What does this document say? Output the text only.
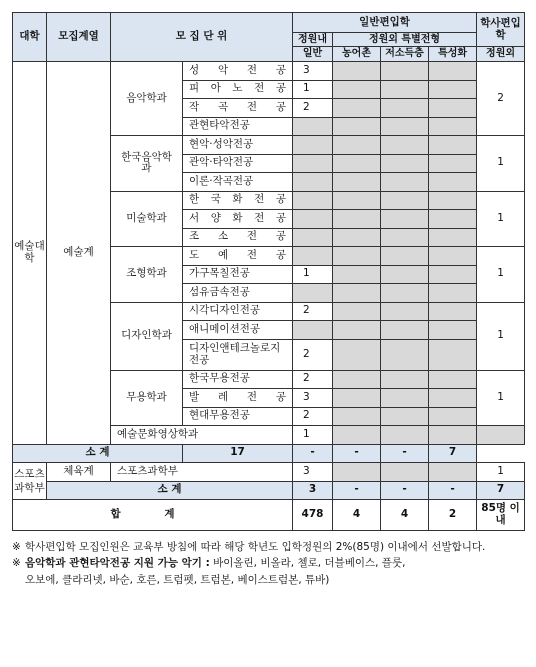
대학	모집계열	모 집 단 위		일반편입학				학사편입학
				정원내	정원외 특별전형			
				일반	농어촌	저소득층	특성화	정원외
예술대학	예술계	음악학과	성 악 전 공	3				2
			피 아 노 전 공	1				
			작 곡 전 공	2				
			관현타악전공					
		한국음악학과	현악·성악전공					1
			관악·타악전공					
			이론·작곡전공					
		미술학과	한 국 화 전 공					1
			서 양 화 전 공					
			조 소 전 공					
		조형학과	도 예 전 공					1
			가구목칠전공	1				
			섬유금속전공					
		디자인학과	시각디자인전공	2				1
			애니메이션전공					
			디자인앤테크놀로지전공	2				
		무용학과	한국무용전공	2				1
			발 레 전 공	3				
			현대무용전공	2				
		예술문화영상학과		1				
소 계			17	-	-	-	7	
스포츠과학부	체육계	스포츠과학부		3				1
	소 계			3	-	-	-	7
합 계				478	4	4	2	85명 이내
※ 학사편입학 모집인원은 교육부 방침에 따라 해당 학년도 입학정원의 2%(85명) 이내에서 선발합니다.
※ 음악학과 관현타악전공 지원 가능 악기 : 바이올린, 비올라, 첼로, 더블베이스, 플룻,
오보에, 클라리넷, 바순, 호른, 트럼펫, 트럼본, 베이스트럼본, 튜바)
